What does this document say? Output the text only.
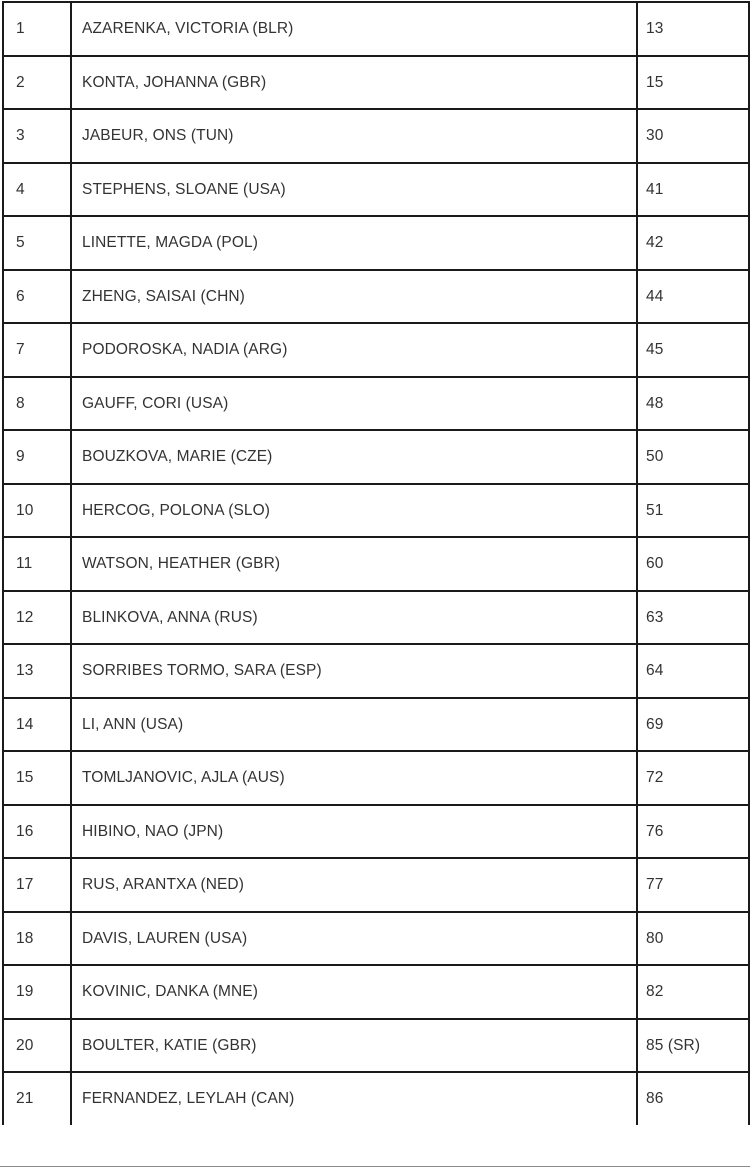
1	AZARENKA, VICTORIA (BLR)	13
2	KONTA, JOHANNA (GBR)	15
3	JABEUR, ONS (TUN)	30
4	STEPHENS, SLOANE (USA)	41
5	LINETTE, MAGDA (POL)	42
6	ZHENG, SAISAI (CHN)	44
7	PODOROSKA, NADIA (ARG)	45
8	GAUFF, CORI (USA)	48
9	BOUZKOVA, MARIE (CZE)	50
10	HERCOG, POLONA (SLO)	51
11	WATSON, HEATHER (GBR)	60
12	BLINKOVA, ANNA (RUS)	63
13	SORRIBES TORMO, SARA (ESP)	64
14	LI, ANN (USA)	69
15	TOMLJANOVIC, AJLA (AUS)	72
16	HIBINO, NAO (JPN)	76
17	RUS, ARANTXA (NED)	77
18	DAVIS, LAUREN (USA)	80
19	KOVINIC, DANKA (MNE)	82
20	BOULTER, KATIE (GBR)	85 (SR)
21	FERNANDEZ, LEYLAH (CAN)	86
